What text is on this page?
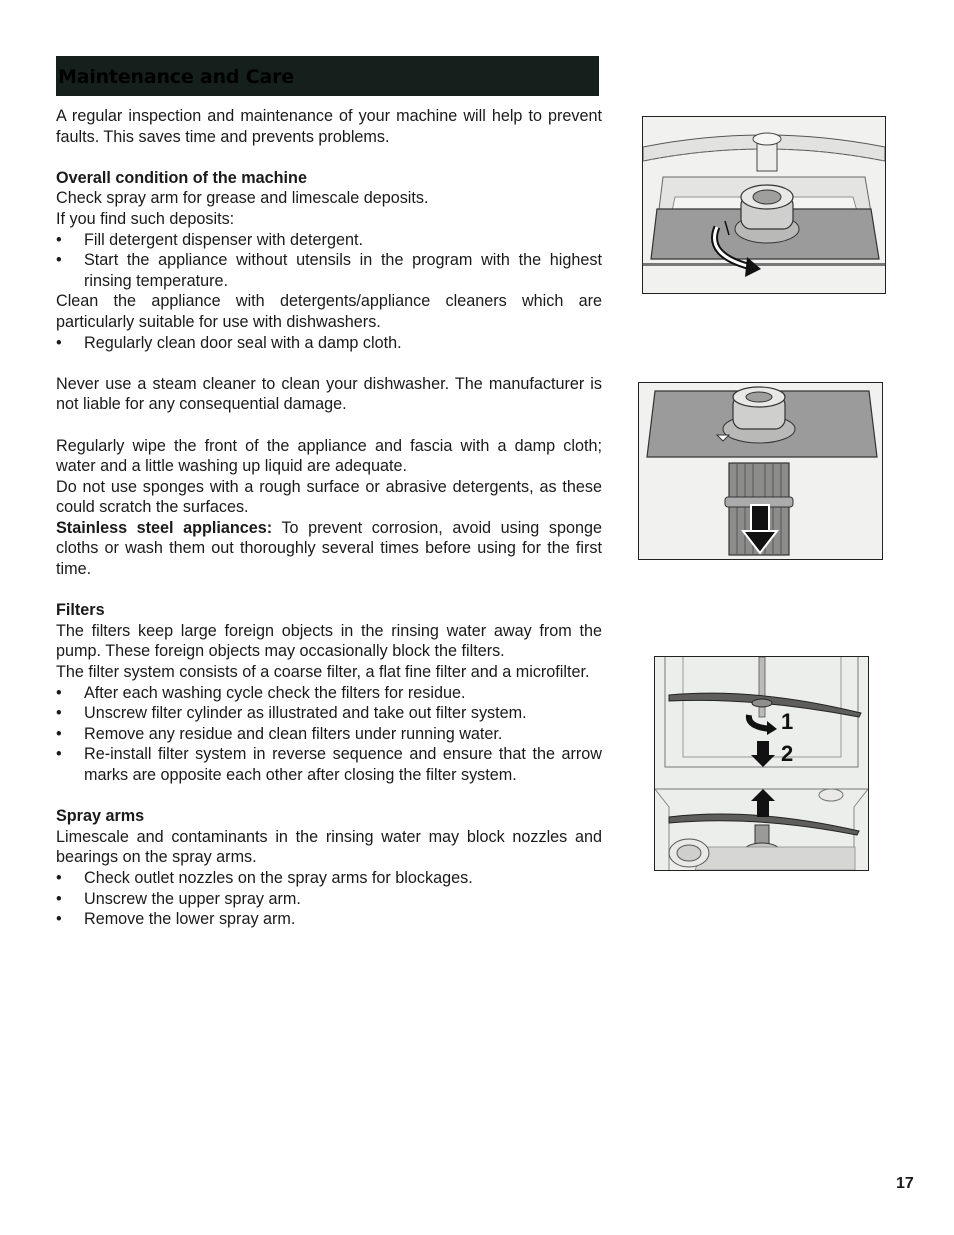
Maintenance and Care

A regular inspection and maintenance of your machine will help to prevent faults. This saves time and prevents problems.

Overall condition of the machine

Check spray arm for grease and limescale deposits.

If you find such deposits:

•	Fill detergent dispenser with detergent.
•	Start the appliance without utensils in the program with the highest rinsing temperature.

Clean the appliance with detergents/appliance cleaners which are particularly suitable for use with dishwashers.

•	Regularly clean door seal with a damp cloth.

Never use a steam cleaner to clean your dishwasher. The manufacturer is not liable for any consequential damage.

Regularly wipe the front of the appliance and fascia with a damp cloth; water and a little washing up liquid are adequate.

Do not use sponges with a rough surface or abrasive detergents, as these could scratch the surfaces.

Stainless steel appliances: To prevent corrosion, avoid using sponge cloths or wash them out thoroughly several times before using for the first time.

Filters

The filters keep large foreign objects in the rinsing water away from the pump. These foreign objects may occasionally block the filters.

The filter system consists of a coarse filter, a flat fine filter and a microfilter.

•	After each washing cycle check the filters for residue.
•	Unscrew filter cylinder as illustrated and take out filter system.
•	Remove any residue and clean filters under running water.
•	Re-install filter system in reverse sequence and ensure that the arrow marks are opposite each other after closing the filter system.

Spray arms

Limescale and contaminants in the rinsing water may block nozzles and bearings on the spray arms.

•	Check outlet nozzles on the spray arms for blockages.
•	Unscrew the upper spray arm.
•	Remove the lower spray arm.
1
2
17
